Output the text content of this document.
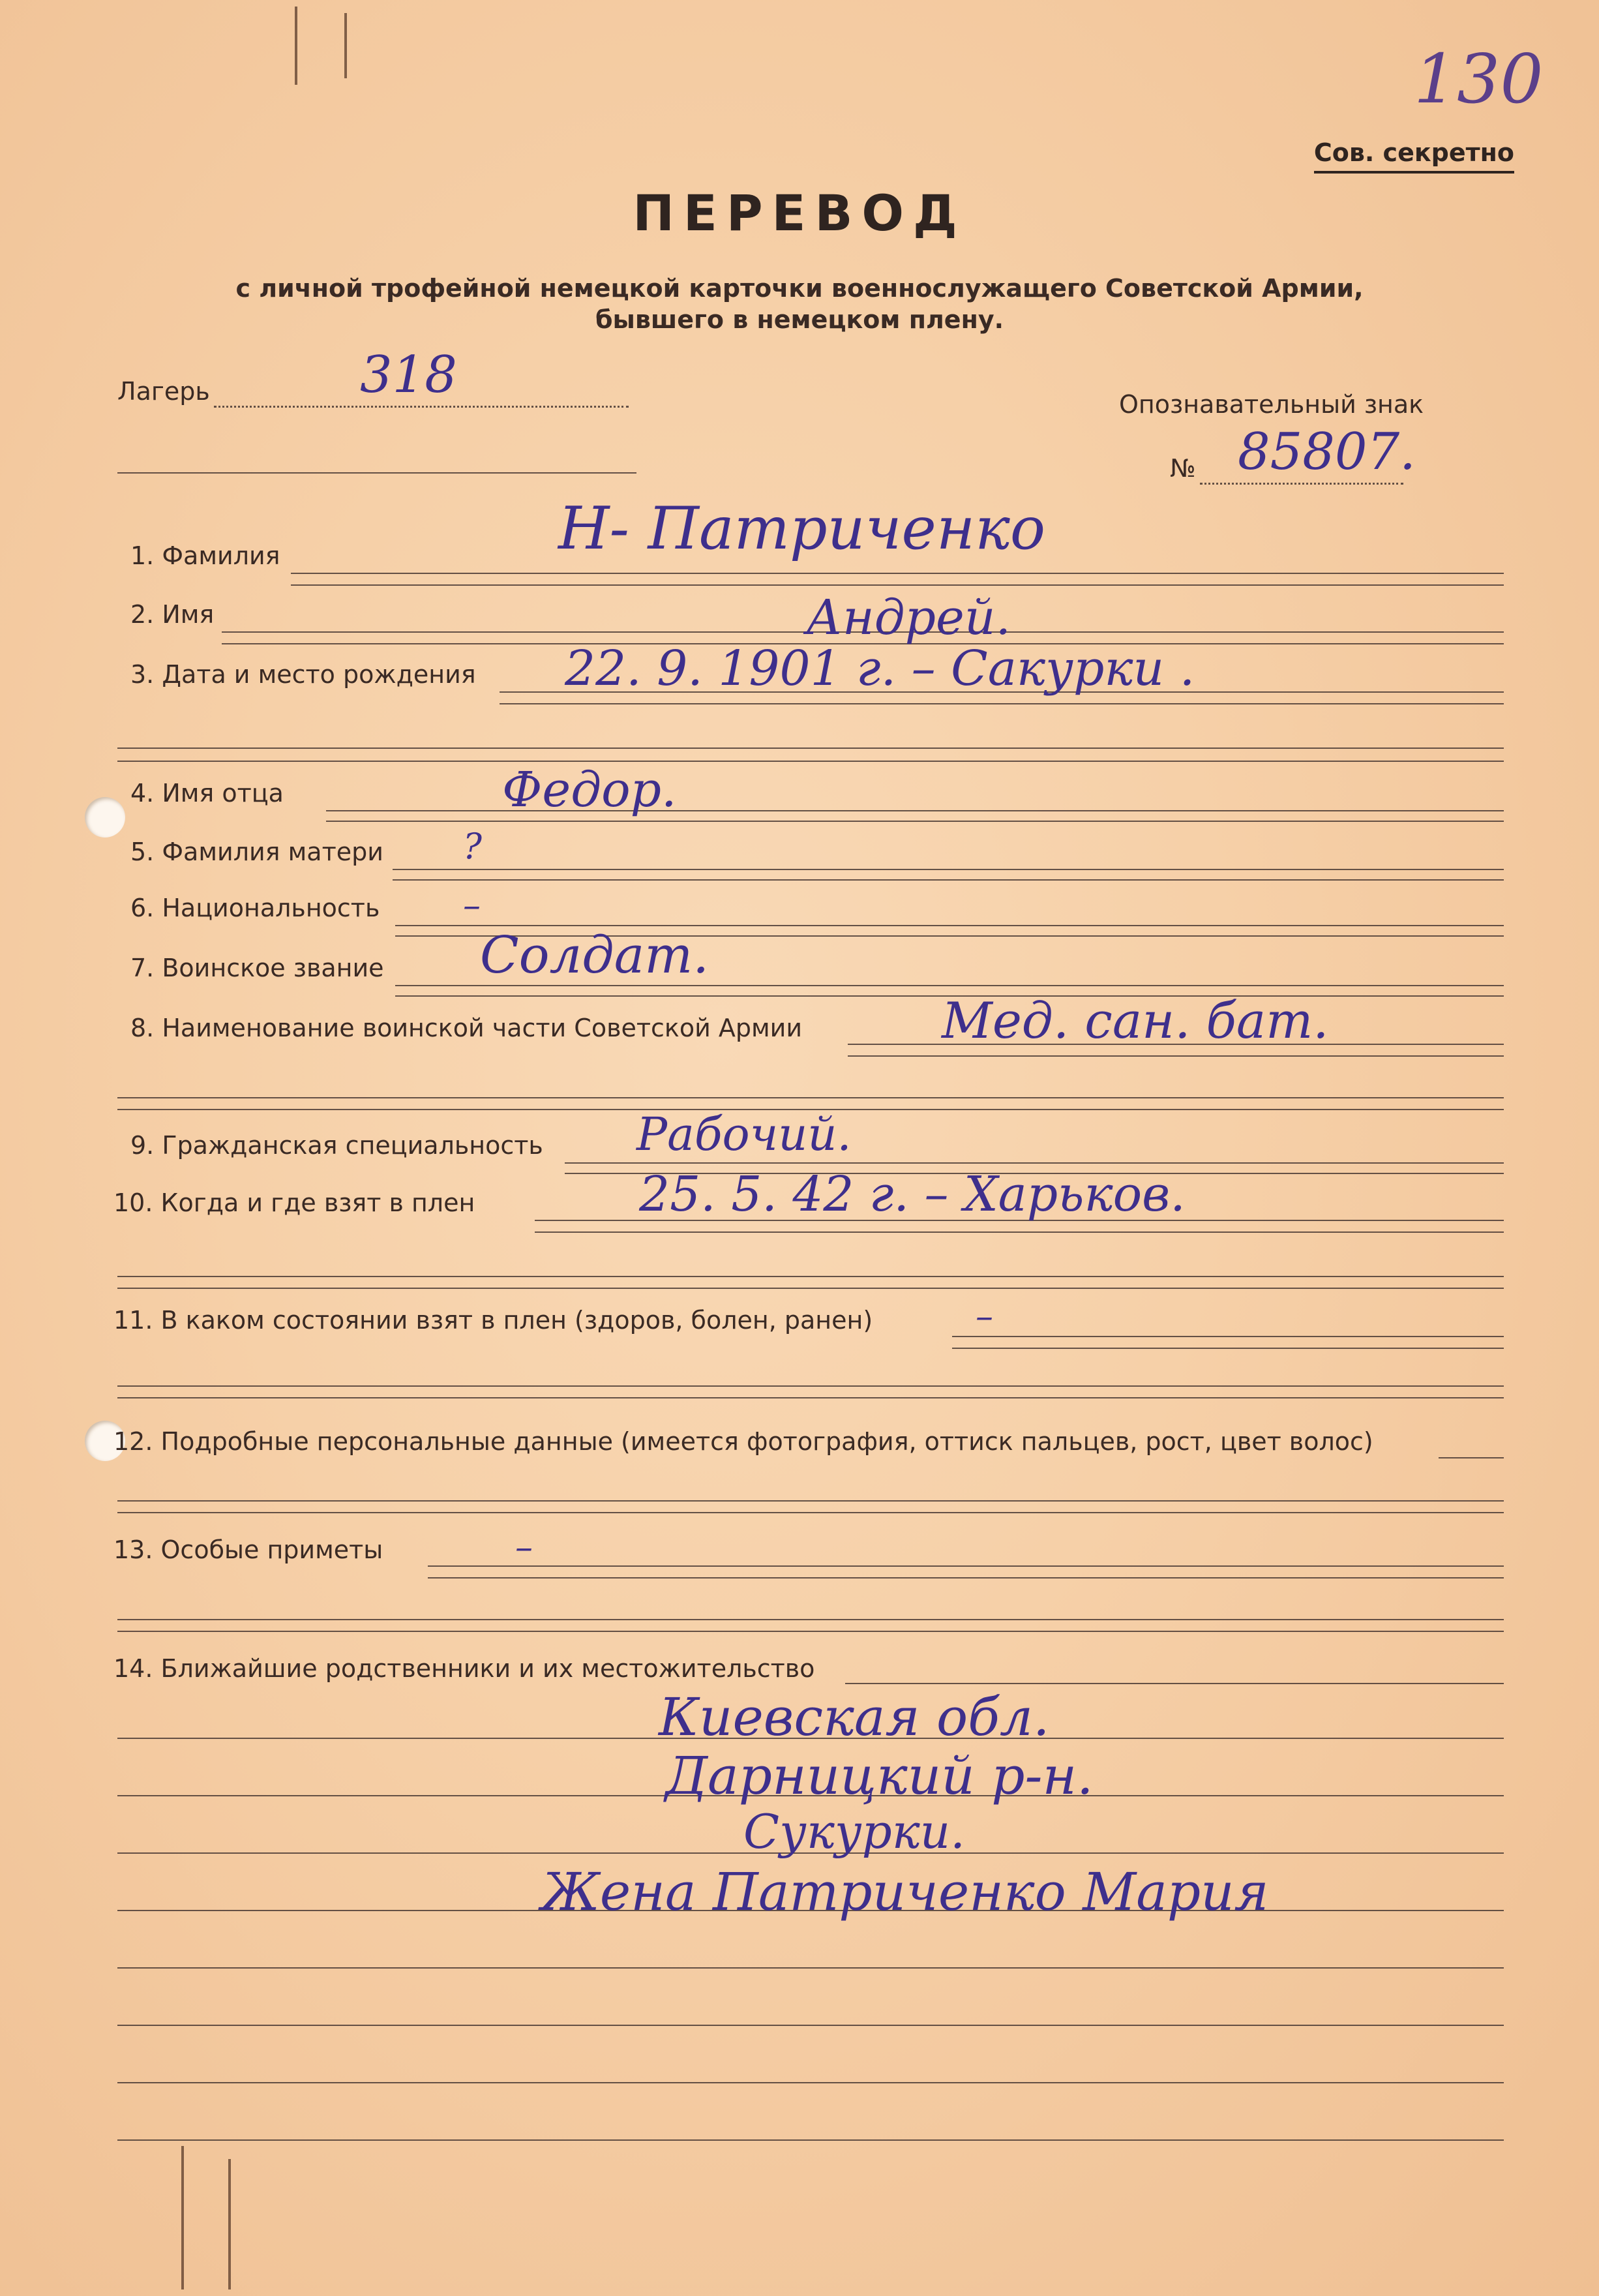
130
Сов. секретно
ПЕРЕВОД
с личной трофейной немецкой карточки военнослужащего Советской Армии,
бывшего в немецком плену.
Лагерь	318	Опознавательный знак
№ 85807.
1. Фамилия	Н- Патриченко
2. Имя	Андрей.
3. Дата и место рождения 22. 9. 1901 г. – Сакурки .
4. Имя отца	Федор.
5. Фамилия матери ?
6. Национальность –
7. Воинское звание Солдат.
8. Наименование воинской части Советской Армии	Мед. сан. бат.
9. Гражданская специальность Рабочий.
10. Когда и где взят в плен	25. 5. 42 г. – Харьков.
11. В каком состоянии взят в плен (здоров, болен, ранен)	–
12. Подробные персональные данные (имеется фотография, оттиск пальцев, рост, цвет волос)
13. Особые приметы	–
14. Ближайшие родственники и их местожительство
Киевская обл.
Дарницкий р-н.
Сукурки.
Жена Патриченко Мария
